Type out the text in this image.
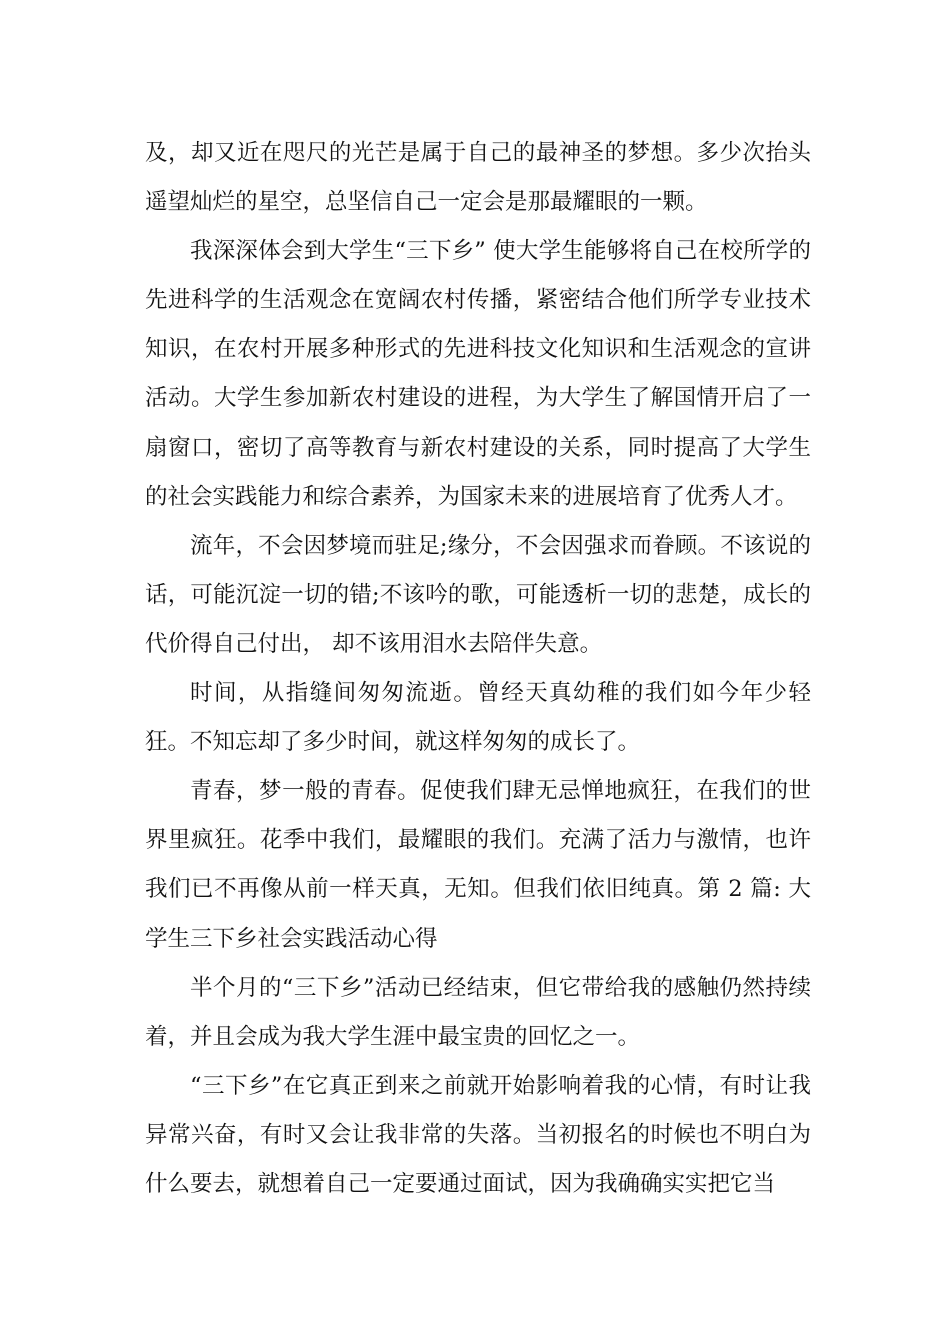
及，却又近在咫尺的光芒是属于自己的最神圣的梦想。多少次抬头遥望灿烂的星空，总坚信自己一定会是那最耀眼的一颗。

我深深体会到大学生“三下乡” 使大学生能够将自己在校所学的先进科学的生活观念在宽阔农村传播，紧密结合他们所学专业技术知识，在农村开展多种形式的先进科技文化知识和生活观念的宣讲活动。大学生参加新农村建设的进程，为大学生了解国情开启了一扇窗口，密切了高等教育与新农村建设的关系，同时提高了大学生的社会实践能力和综合素养，为国家未来的进展培育了优秀人才。

流年，不会因梦境而驻足;缘分，不会因强求而眷顾。不该说的话，可能沉淀一切的错;不该吟的歌，可能透析一切的悲楚，成长的代价得自己付出， 却不该用泪水去陪伴失意。

时间，从指缝间匆匆流逝。曾经天真幼稚的我们如今年少轻狂。不知忘却了多少时间，就这样匆匆的成长了。

青春，梦一般的青春。促使我们肆无忌惮地疯狂，在我们的世界里疯狂。花季中我们，最耀眼的我们。充满了活力与激情，也许我们已不再像从前一样天真，无知。但我们依旧纯真。第 2 篇: 大学生三下乡社会实践活动心得

半个月的“三下乡”活动已经结束，但它带给我的感触仍然持续着，并且会成为我大学生涯中最宝贵的回忆之一。

“三下乡”在它真正到来之前就开始影响着我的心情，有时让我异常兴奋，有时又会让我非常的失落。当初报名的时候也不明白为什么要去，就想着自己一定要通过面试，因为我确确实实把它当
